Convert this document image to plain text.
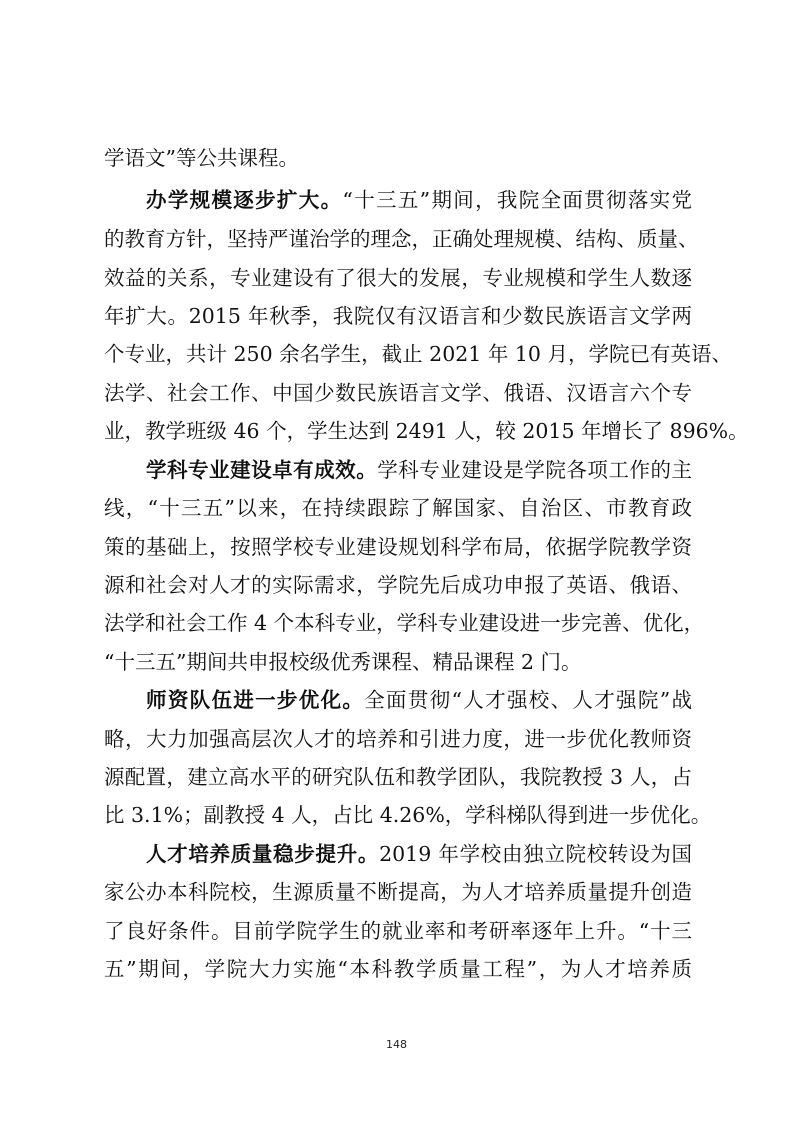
学语文”等公共课程。

办学规模逐步扩大。“十三五”期间，我院全面贯彻落实党

的教育方针，坚持严谨治学的理念，正确处理规模、结构、质量、

效益的关系，专业建设有了很大的发展，专业规模和学生人数逐

年扩大。2015 年秋季，我院仅有汉语言和少数民族语言文学两

个专业，共计 250 余名学生，截止 2021 年 10 月，学院已有英语、

法学、社会工作、中国少数民族语言文学、俄语、汉语言六个专

业，教学班级 46 个，学生达到 2491 人，较 2015 年增长了 896%。

学科专业建设卓有成效。学科专业建设是学院各项工作的主

线，“十三五”以来，在持续跟踪了解国家、自治区、市教育政

策的基础上，按照学校专业建设规划科学布局，依据学院教学资

源和社会对人才的实际需求，学院先后成功申报了英语、俄语、

法学和社会工作 4 个本科专业，学科专业建设进一步完善、优化，

“十三五”期间共申报校级优秀课程、精品课程 2 门。

师资队伍进一步优化。全面贯彻“人才强校、人才强院”战

略，大力加强高层次人才的培养和引进力度，进一步优化教师资

源配置，建立高水平的研究队伍和教学团队，我院教授 3 人，占

比 3.1%；副教授 4 人，占比 4.26%，学科梯队得到进一步优化。

人才培养质量稳步提升。2019 年学校由独立院校转设为国

家公办本科院校，生源质量不断提高，为人才培养质量提升创造

了良好条件。目前学院学生的就业率和考研率逐年上升。“十三

五”期间，学院大力实施“本科教学质量工程”，为人才培养质

148
